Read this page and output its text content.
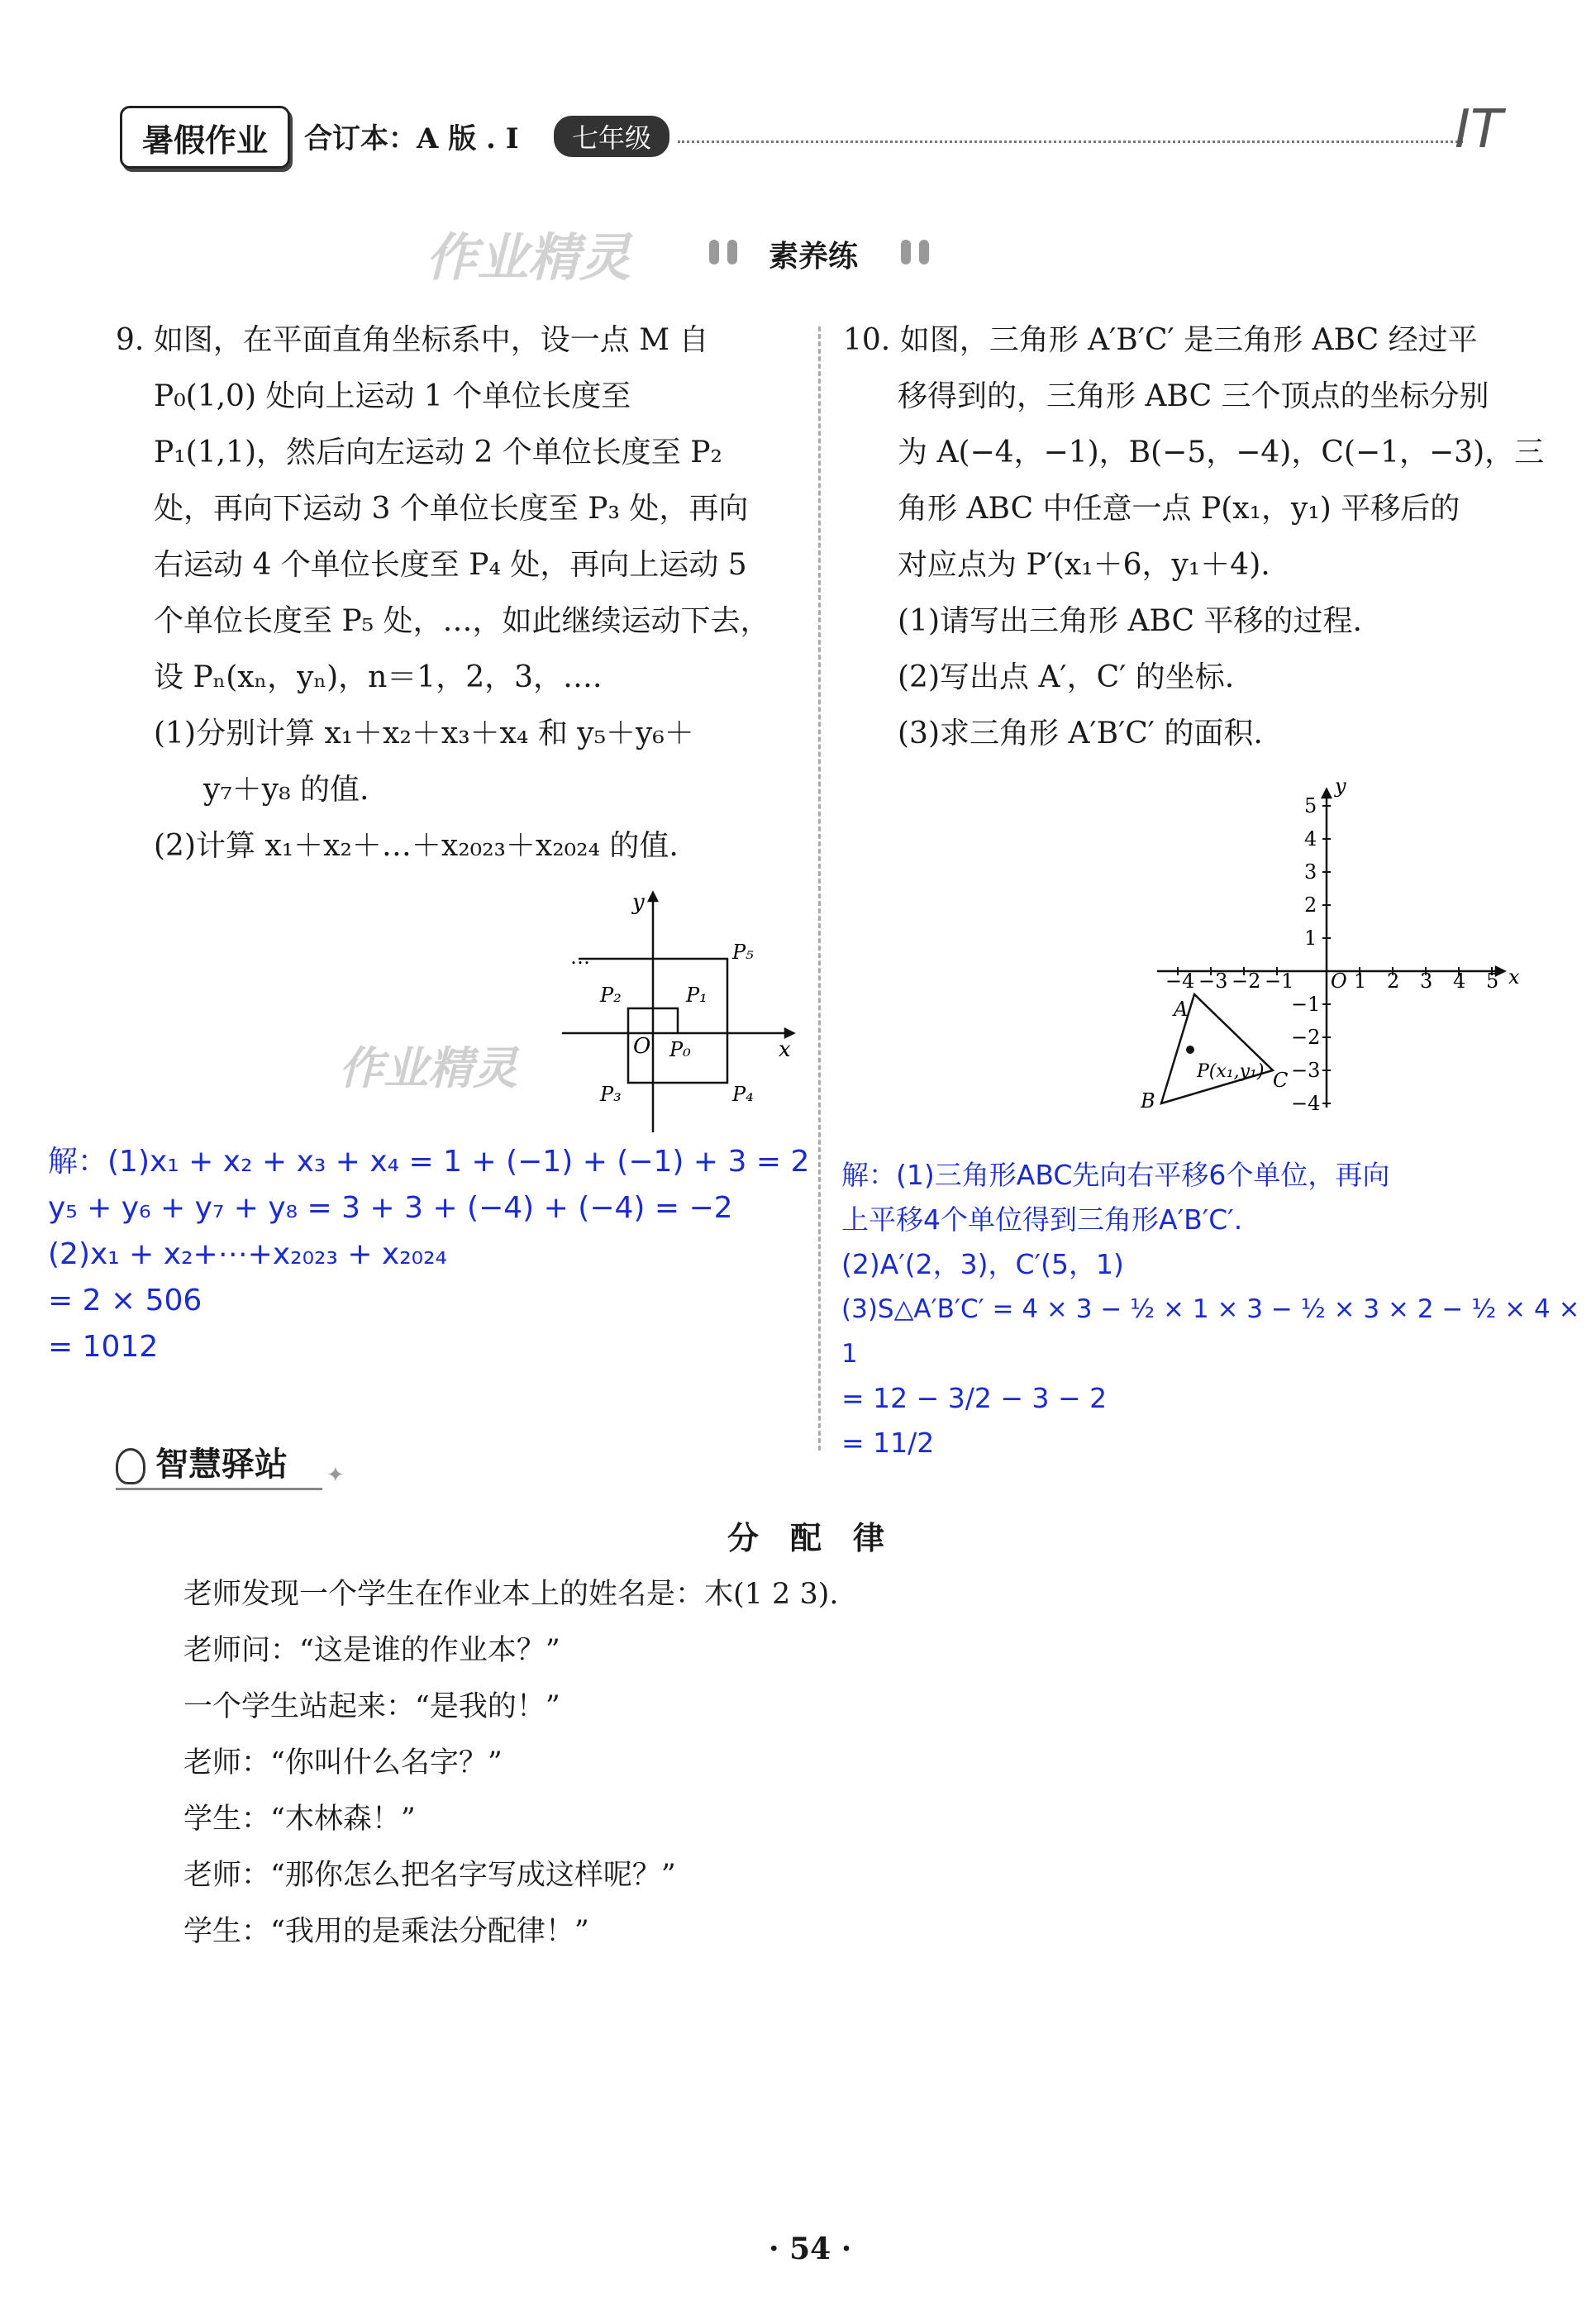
暑假作业	合订本：A 版 . I	七年级	IT
作业精灵	素养练

9. 如图，在平面直角坐标系中，设一点 M 自

P₀(1,0) 处向上运动 1 个单位长度至

P₁(1,1)，然后向左运动 2 个单位长度至 P₂

处，再向下运动 3 个单位长度至 P₃ 处，再向

右运动 4 个单位长度至 P₄ 处，再向上运动 5

个单位长度至 P₅ 处，…，如此继续运动下去，

设 Pₙ(xₙ，yₙ)，n＝1，2，3，….

(1)分别计算 x₁＋x₂＋x₃＋x₄ 和 y₅＋y₆＋

y₇＋y₈ 的值.

(2)计算 x₁＋x₂＋…＋x₂₀₂₃＋x₂₀₂₄ 的值.

…
y
x
O P₀
P₁
P₂
P₃	P₄
P₅
作业精灵

解：(1)x₁ + x₂ + x₃ + x₄ = 1 + (−1) + (−1) + 3 = 2

y₅ + y₆ + y₇ + y₈ = 3 + 3 + (−4) + (−4) = −2

(2)x₁ + x₂+⋯+x₂₀₂₃ + x₂₀₂₄

= 2 × 506

= 1012

10. 如图，三角形 A′B′C′ 是三角形 ABC 经过平

移得到的，三角形 ABC 三个顶点的坐标分别

为 A(−4，−1)，B(−5，−4)，C(−1，−3)，三

角形 ABC 中任意一点 P(x₁，y₁) 平移后的

对应点为 P′(x₁＋6，y₁＋4).

(1)请写出三角形 ABC 平移的过程.

(2)写出点 A′，C′ 的坐标.

(3)求三角形 A′B′C′ 的面积.

y
x
O
−4 −3 −2 −1	1 2 3 4 5
5
4
3
2
1
−1
−2
−3
−4
A
B
C
P(x₁,y₁)

解：(1)三角形ABC先向右平移6个单位，再向

上平移4个单位得到三角形A′B′C′.

(2)A′(2，3)，C′(5，1)

(3)S△A′B′C′ = 4 × 3 − ½ × 1 × 3 − ½ × 3 × 2 − ½ × 4 × 1

= 12 − 3/2 − 3 − 2

= 11/2

智慧驿站 ✦
分　配　律

老师发现一个学生在作业本上的姓名是：木(1 2 3).

老师问：“这是谁的作业本？”

一个学生站起来：“是我的！”

老师：“你叫什么名字？”

学生：“木林森！”

老师：“那你怎么把名字写成这样呢？”

学生：“我用的是乘法分配律！”

· 54 ·
